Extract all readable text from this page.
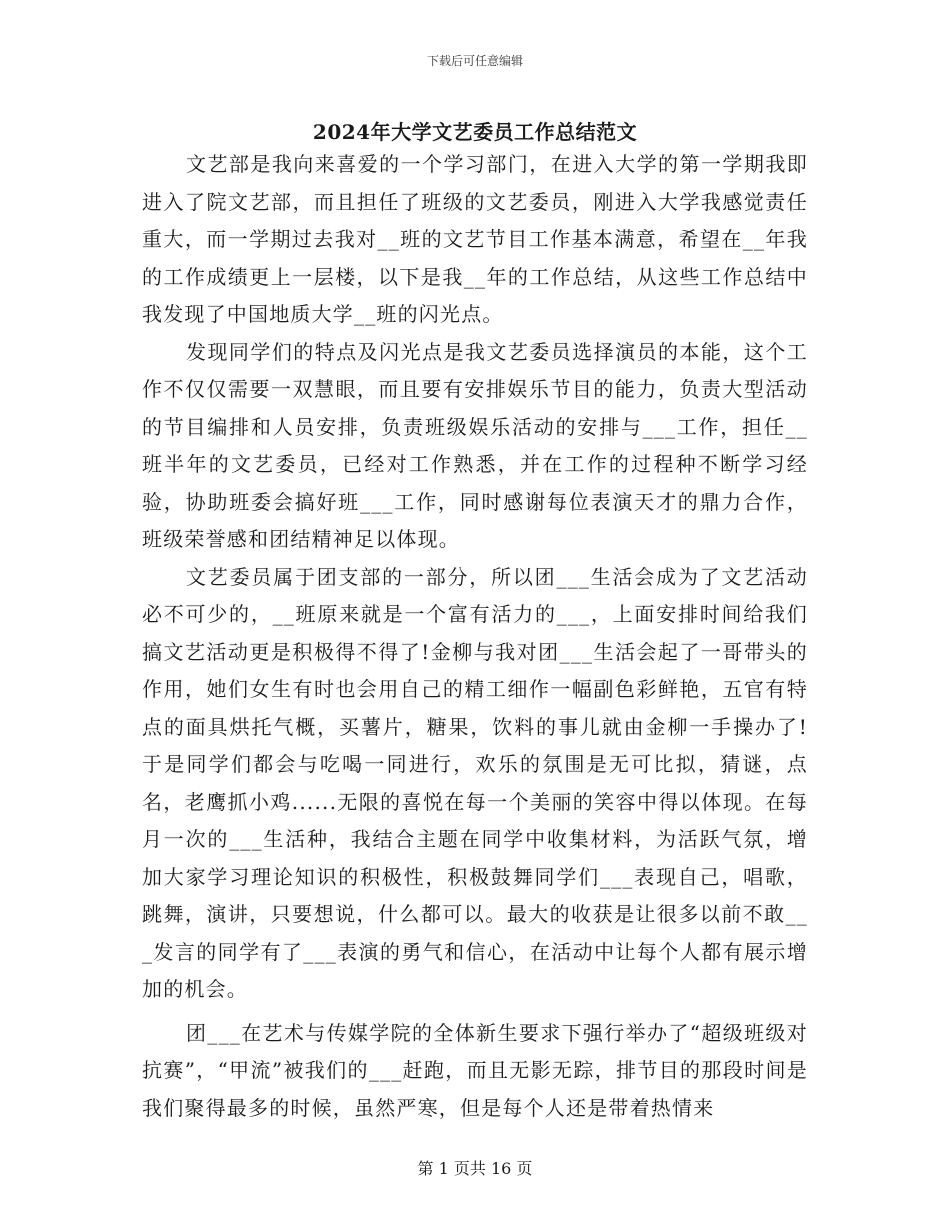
下载后可任意编辑
2024年大学文艺委员工作总结范文

文艺部是我向来喜爱的一个学习部门，在进入大学的第一学期我即进入了院文艺部，而且担任了班级的文艺委员，刚进入大学我感觉责任重大，而一学期过去我对__班的文艺节目工作基本满意，希望在__年我的工作成绩更上一层楼，以下是我__年的工作总结，从这些工作总结中我发现了中国地质大学__班的闪光点。

发现同学们的特点及闪光点是我文艺委员选择演员的本能，这个工作不仅仅需要一双慧眼，而且要有安排娱乐节目的能力，负责大型活动的节目编排和人员安排，负责班级娱乐活动的安排与___工作，担任__班半年的文艺委员，已经对工作熟悉，并在工作的过程种不断学习经验，协助班委会搞好班___工作，同时感谢每位表演天才的鼎力合作，班级荣誉感和团结精神足以体现。

文艺委员属于团支部的一部分，所以团___生活会成为了文艺活动必不可少的，__班原来就是一个富有活力的___，上面安排时间给我们搞文艺活动更是积极得不得了!金柳与我对团___生活会起了一哥带头的作用，她们女生有时也会用自己的精工细作一幅副色彩鲜艳，五官有特点的面具烘托气概，买薯片，糖果，饮料的事儿就由金柳一手操办了!于是同学们都会与吃喝一同进行，欢乐的氛围是无可比拟，猜谜，点名，老鹰抓小鸡......无限的喜悦在每一个美丽的笑容中得以体现。在每月一次的___生活种，我结合主题在同学中收集材料，为活跃气氛，增加大家学习理论知识的积极性，积极鼓舞同学们___表现自己，唱歌，跳舞，演讲，只要想说，什么都可以。最大的收获是让很多以前不敢___发言的同学有了___表演的勇气和信心，在活动中让每个人都有展示增加的机会。

团___在艺术与传媒学院的全体新生要求下强行举办了“超级班级对抗赛”，“甲流”被我们的___赶跑，而且无影无踪，排节目的那段时间是我们聚得最多的时候，虽然严寒，但是每个人还是带着热情来

第 1 页共 16 页
